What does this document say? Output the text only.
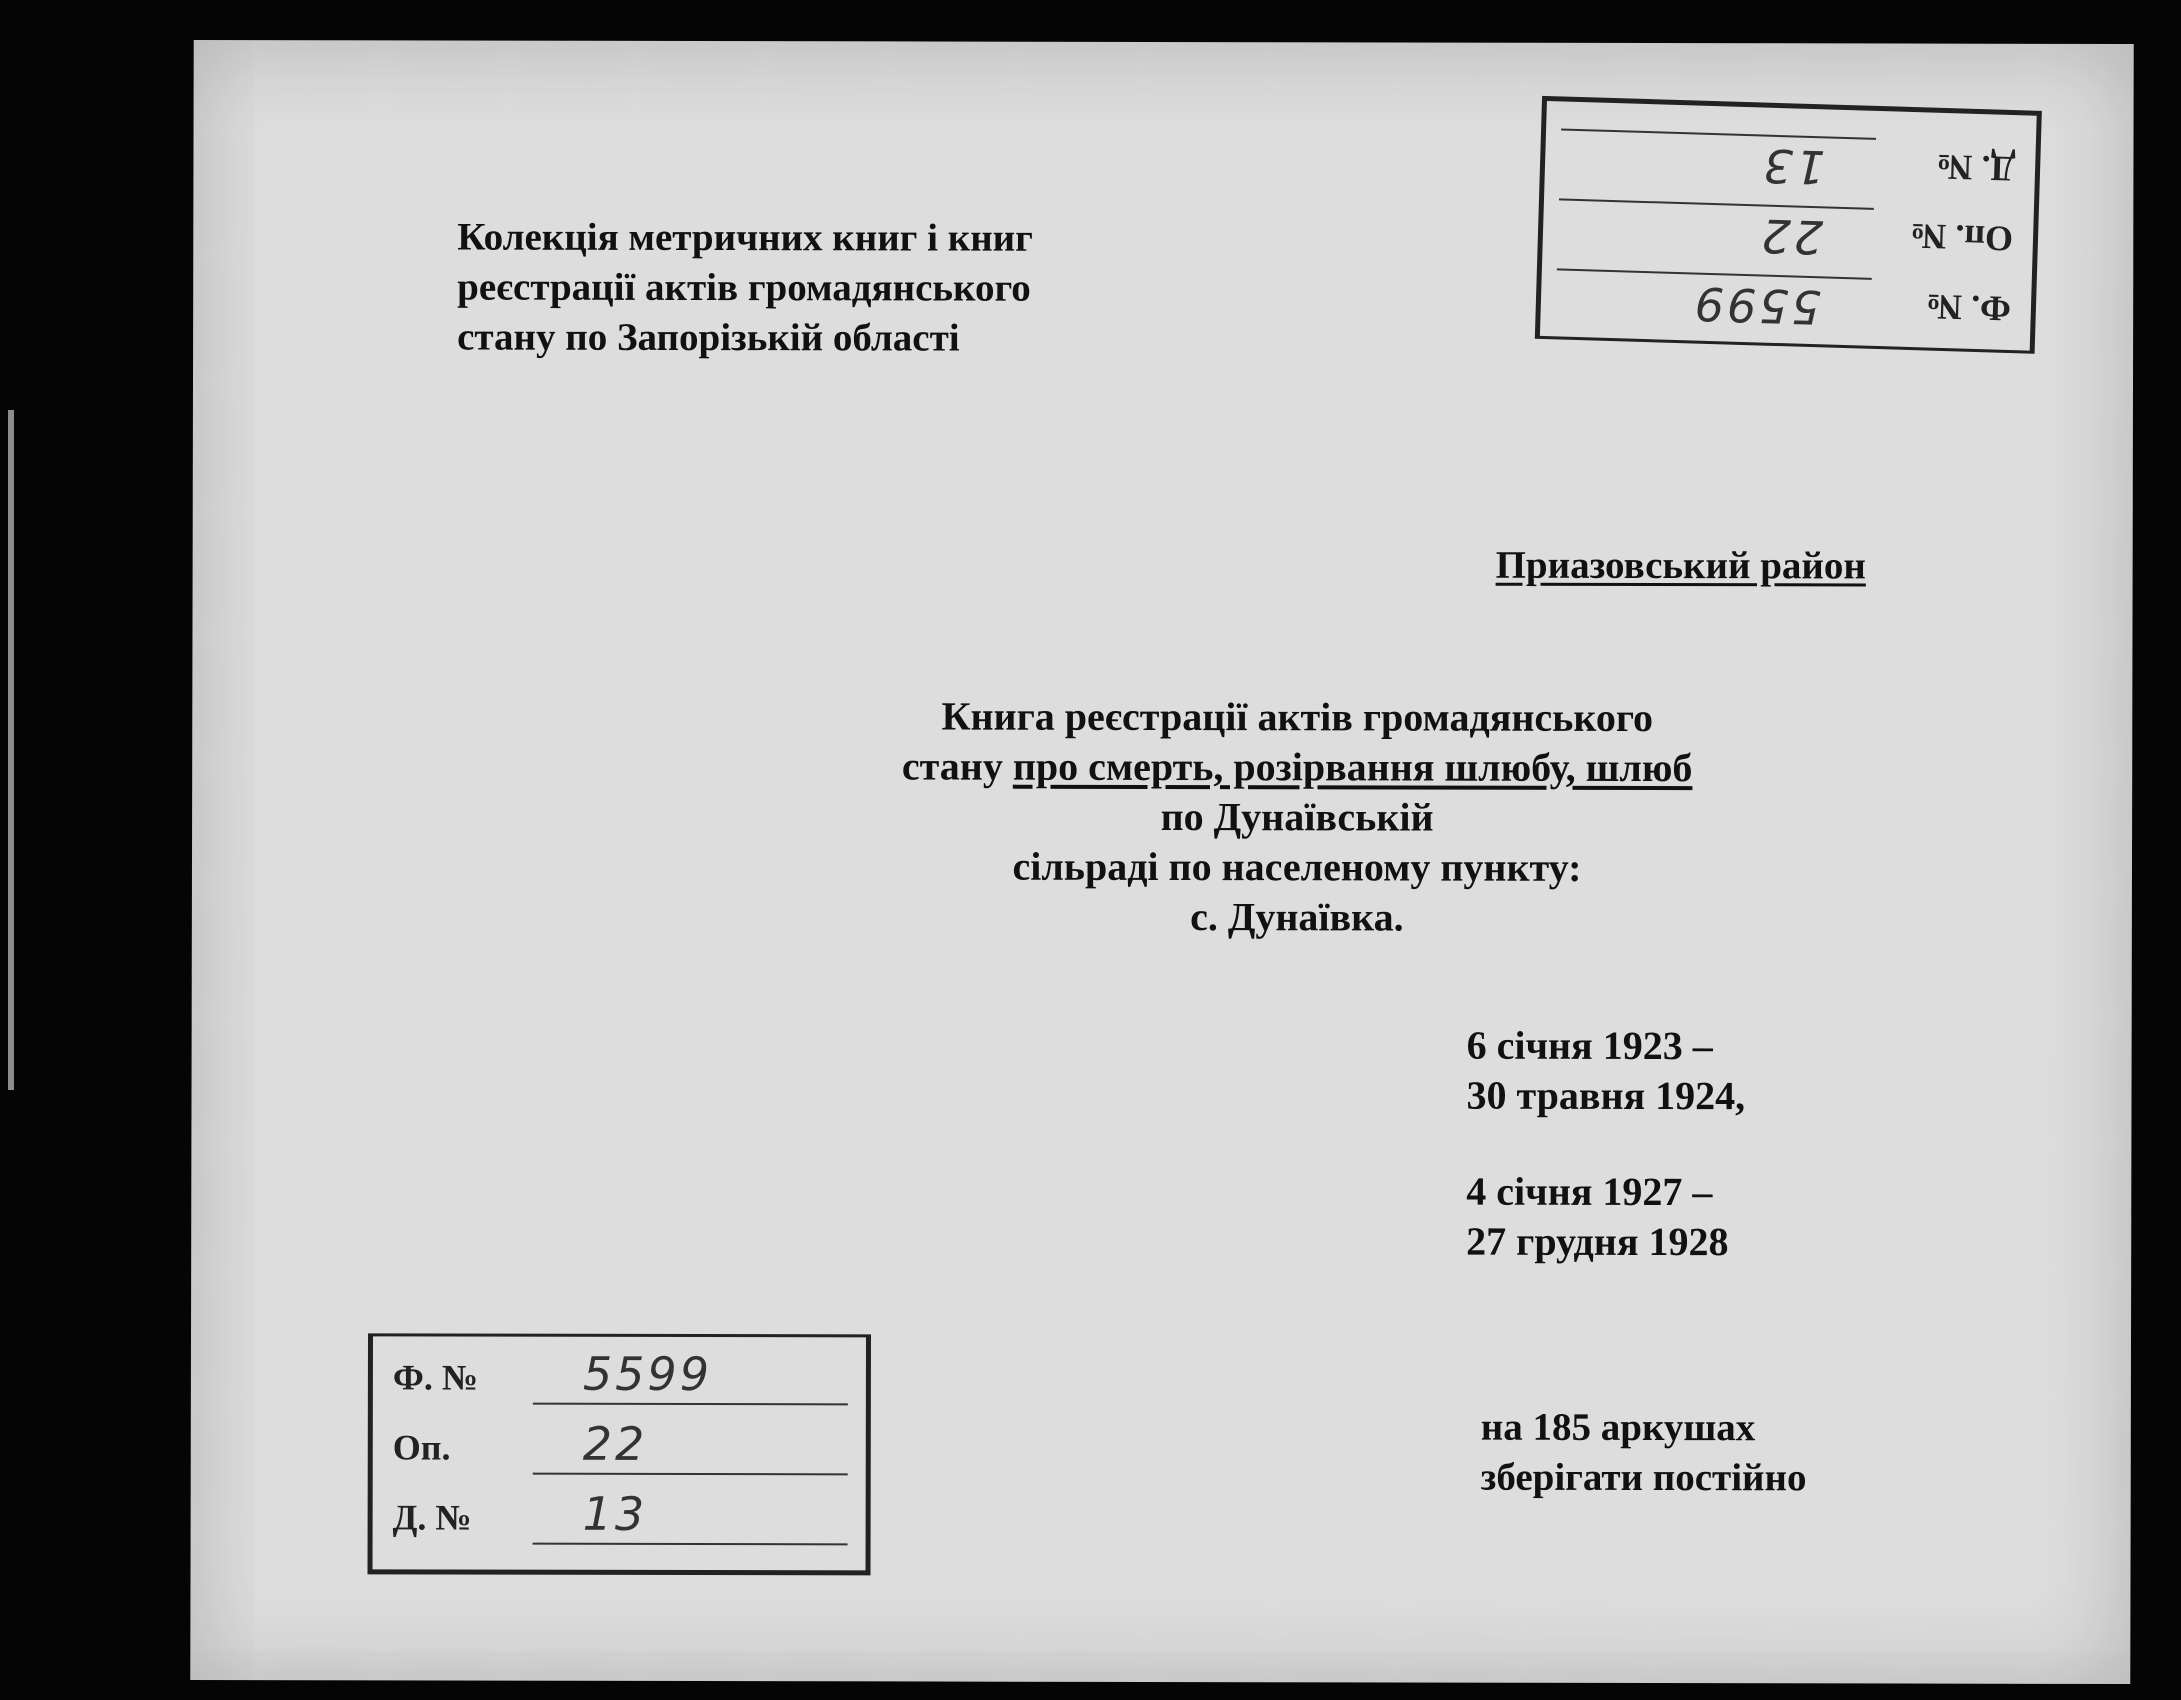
Ф. №
5599
Оп. №
22
Д. №
13
Колекція метричних книг і книг
реєстрації актів громадянського
стану по Запорізькій області
Приазовський район
Книга реєстрації актів громадянського
стану про смерть, розірвання шлюбу, шлюб
по Дунаївській
сільраді по населеному пункту:
с. Дунаївка.
6 січня 1923 –
30 травня 1924,
4 січня 1927 –
27 грудня 1928
на 185 аркушах
зберігати постійно
Ф. № 5599
Оп.	22
Д. № 13
